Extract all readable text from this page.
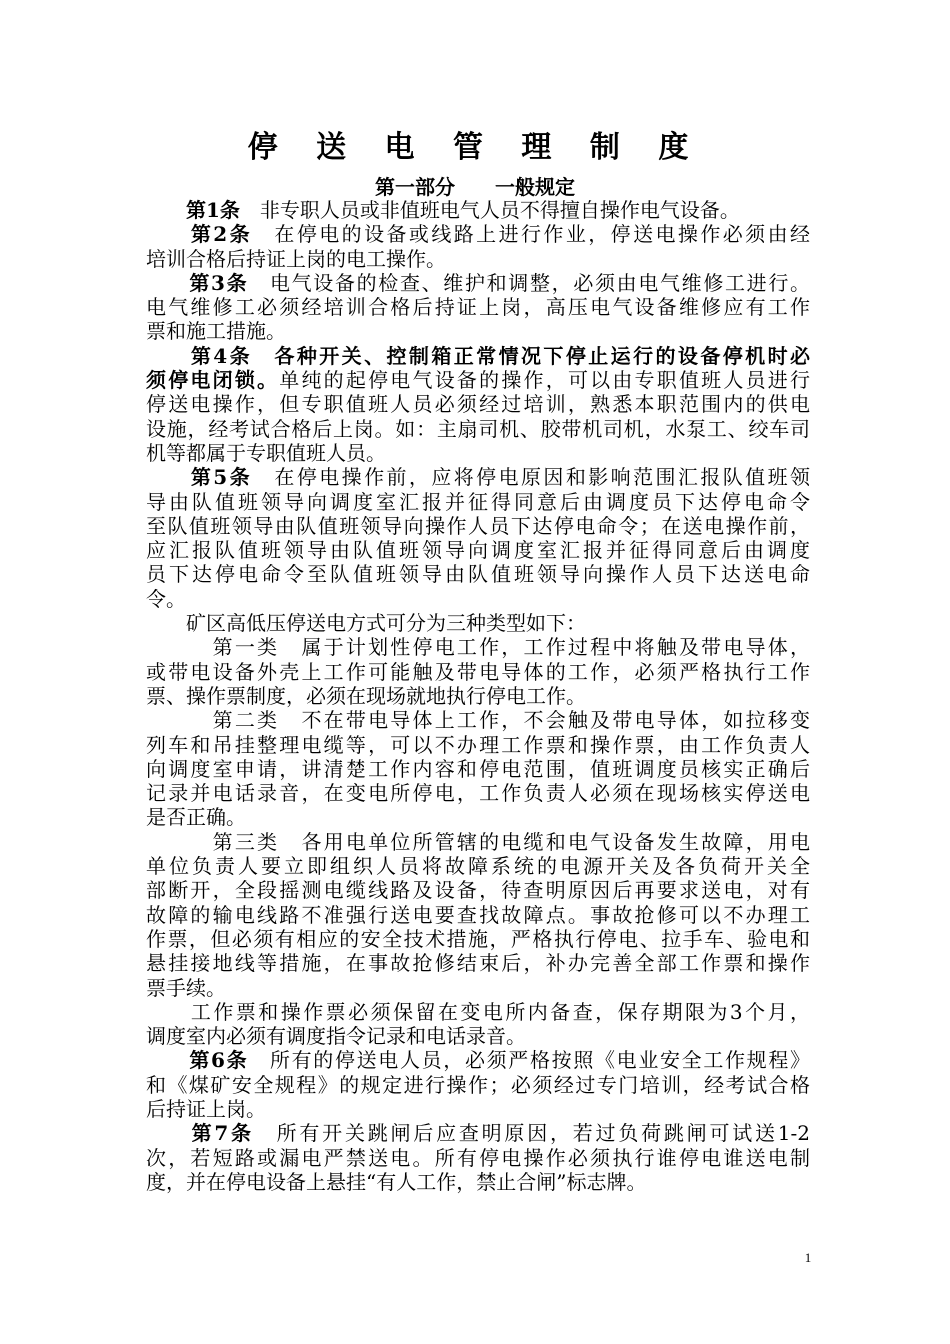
停 送 电 管 理 制 度
第一部分　　一般规定
　　第1条　非专职人员或非值班电气人员不得擅自操作电气设备。
　　第2条　在停电的设备或线路上进行作业，停送电操作必须由经
培训合格后持证上岗的电工操作。
　　第3条　电气设备的检查、维护和调整，必须由电气维修工进行。
电气维修工必须经培训合格后持证上岗，高压电气设备维修应有工作
票和施工措施。
　　第4条　各种开关、控制箱正常情况下停止运行的设备停机时必
须停电闭锁。单纯的起停电气设备的操作，可以由专职值班人员进行
停送电操作，但专职值班人员必须经过培训，熟悉本职范围内的供电
设施，经考试合格后上岗。如：主扇司机、胶带机司机，水泵工、绞车司
机等都属于专职值班人员。
　　第5条　在停电操作前，应将停电原因和影响范围汇报队值班领
导由队值班领导向调度室汇报并征得同意后由调度员下达停电命令
至队值班领导由队值班领导向操作人员下达停电命令；在送电操作前，
应汇报队值班领导由队值班领导向调度室汇报并征得同意后由调度
员下达停电命令至队值班领导由队值班领导向操作人员下达送电命
令。
　　矿区高低压停送电方式可分为三种类型如下：
　　　第一类　属于计划性停电工作，工作过程中将触及带电导体，
或带电设备外壳上工作可能触及带电导体的工作，必须严格执行工作
票、操作票制度，必须在现场就地执行停电工作。
　　　第二类　不在带电导体上工作，不会触及带电导体，如拉移变
列车和吊挂整理电缆等，可以不办理工作票和操作票，由工作负责人
向调度室申请，讲清楚工作内容和停电范围，值班调度员核实正确后
记录并电话录音，在变电所停电，工作负责人必须在现场核实停送电
是否正确。
　　　第三类　各用电单位所管辖的电缆和电气设备发生故障，用电
单位负责人要立即组织人员将故障系统的电源开关及各负荷开关全
部断开，全段摇测电缆线路及设备，待查明原因后再要求送电，对有
故障的输电线路不准强行送电要查找故障点。事故抢修可以不办理工
作票，但必须有相应的安全技术措施，严格执行停电、拉手车、验电和
悬挂接地线等措施，在事故抢修结束后，补办完善全部工作票和操作
票手续。
　　工作票和操作票必须保留在变电所内备查，保存期限为3个月，
调度室内必须有调度指令记录和电话录音。
　　第6条　所有的停送电人员，必须严格按照《电业安全工作规程》
和《煤矿安全规程》的规定进行操作；必须经过专门培训，经考试合格
后持证上岗。
　　第7条　所有开关跳闸后应查明原因，若过负荷跳闸可试送1-2
次，若短路或漏电严禁送电。所有停电操作必须执行谁停电谁送电制
度，并在停电设备上悬挂“有人工作，禁止合闸”标志牌。
1
